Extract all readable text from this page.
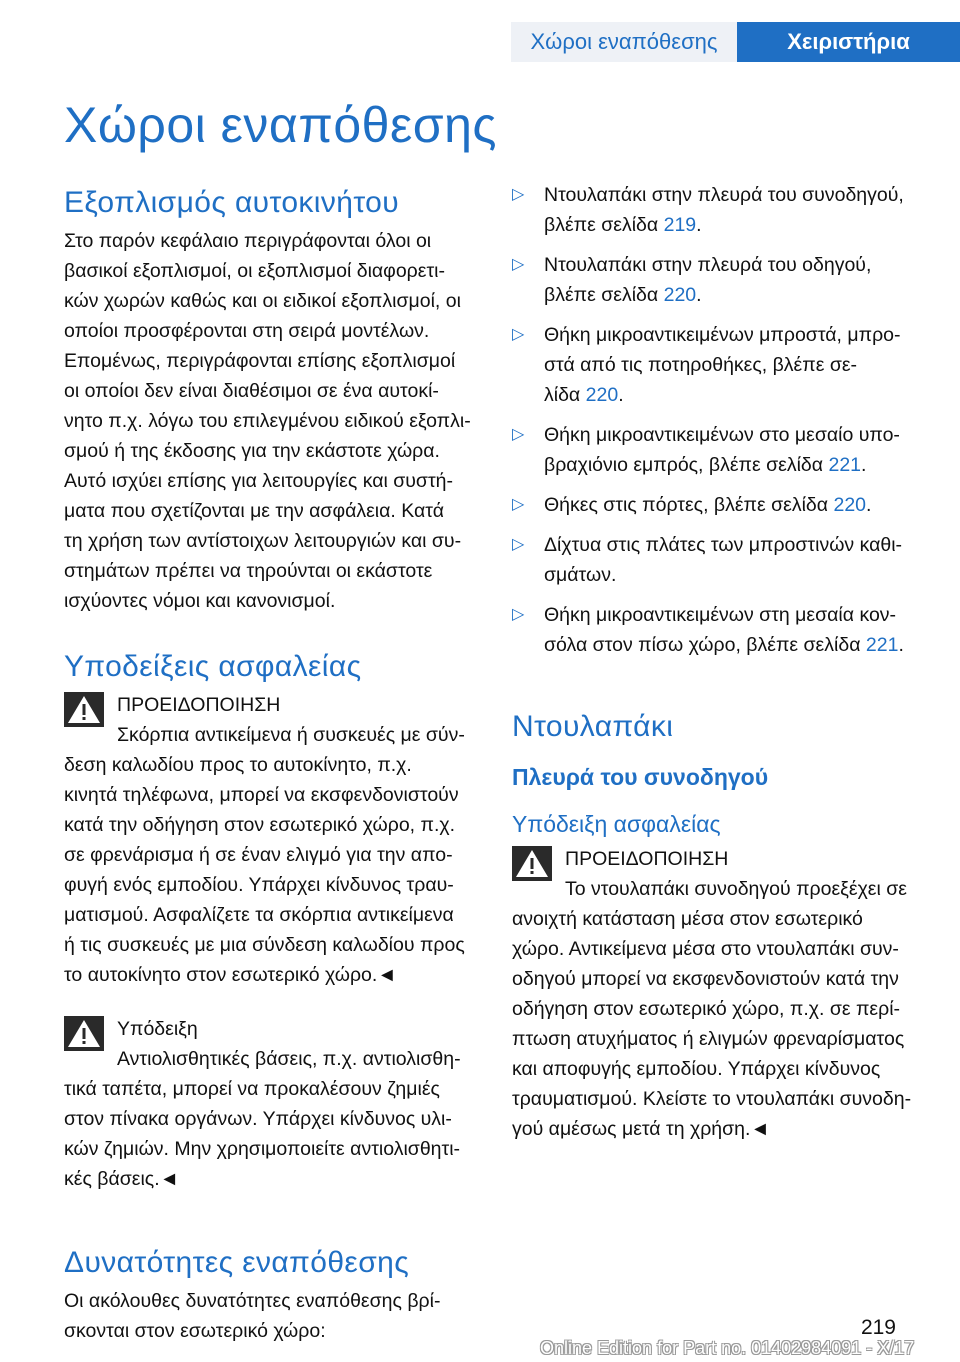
Χώροι εναπόθεσης	Χειριστήρια
Χώροι εναπόθεσης
Εξοπλισμός αυτοκινήτου

Στο παρόν κεφάλαιο περιγράφονται όλοι οι
βασικοί εξοπλισμοί, οι εξοπλισμοί διαφορετι‐
κών χωρών καθώς και οι ειδικοί εξοπλισμοί, οι
οποίοι προσφέρονται στη σειρά μοντέλων.
Επομένως, περιγράφονται επίσης εξοπλισμοί
οι οποίοι δεν είναι διαθέσιμοι σε ένα αυτοκί‐
νητο π.χ. λόγω του επιλεγμένου ειδικού εξοπλι‐
σμού ή της έκδοσης για την εκάστοτε χώρα.
Αυτό ισχύει επίσης για λειτουργίες και συστή‐
ματα που σχετίζονται με την ασφάλεια. Κατά
τη χρήση των αντίστοιχων λειτουργιών και συ‐
στημάτων πρέπει να τηρούνται οι εκάστοτε
ισχύοντες νόμοι και κανονισμοί.

Υποδείξεις ασφαλείας

ΠΡΟΕΙΔΟΠΟΙΗΣΗ

Σκόρπια αντικείμενα ή συσκευές με σύν‐
δεση καλωδίου προς το αυτοκίνητο, π.χ.
κινητά τηλέφωνα, μπορεί να εκσφενδονιστούν
κατά την οδήγηση στον εσωτερικό χώρο, π.χ.
σε φρενάρισμα ή σε έναν ελιγμό για την απο‐
φυγή ενός εμποδίου. Υπάρχει κίνδυνος τραυ‐
ματισμού. Ασφαλίζετε τα σκόρπια αντικείμενα
ή τις συσκευές με μια σύνδεση καλωδίου προς
το αυτοκίνητο στον εσωτερικό χώρο.◄

Υπόδειξη

Αντιολισθητικές βάσεις, π.χ. αντιολισθη‐
τικά ταπέτα, μπορεί να προκαλέσουν ζημιές
στον πίνακα οργάνων. Υπάρχει κίνδυνος υλι‐
κών ζημιών. Μην χρησιμοποιείτε αντιολισθητι‐
κές βάσεις.◄

Δυνατότητες εναπόθεσης

Οι ακόλουθες δυνατότητες εναπόθεσης βρί‐
σκονται στον εσωτερικό χώρο:

▷ Ντουλαπάκι στην πλευρά του συνοδηγού,
βλέπε σελίδα 219.
▷ Ντουλαπάκι στην πλευρά του οδηγού,
βλέπε σελίδα 220.
▷ Θήκη μικροαντικειμένων μπροστά, μπρο‐
στά από τις ποτηροθήκες, βλέπε σε‐
λίδα 220.
▷ Θήκη μικροαντικειμένων στο μεσαίο υπο‐
βραχιόνιο εμπρός, βλέπε σελίδα 221.
▷ Θήκες στις πόρτες, βλέπε σελίδα 220.
▷ Δίχτυα στις πλάτες των μπροστινών καθι‐
σμάτων.
▷ Θήκη μικροαντικειμένων στη μεσαία κον‐
σόλα στον πίσω χώρο, βλέπε σελίδα 221.
Ντουλαπάκι
Πλευρά του συνοδηγού
Υπόδειξη ασφαλείας

ΠΡΟΕΙΔΟΠΟΙΗΣΗ

Το ντουλαπάκι συνοδηγού προεξέχει σε
ανοιχτή κατάσταση μέσα στον εσωτερικό
χώρο. Αντικείμενα μέσα στο ντουλαπάκι συν‐
οδηγού μπορεί να εκσφενδονιστούν κατά την
οδήγηση στον εσωτερικό χώρο, π.χ. σε περί‐
πτωση ατυχήματος ή ελιγμών φρεναρίσματος
και αποφυγής εμποδίου. Υπάρχει κίνδυνος
τραυματισμού. Κλείστε το ντουλαπάκι συνοδη‐
γού αμέσως μετά τη χρήση.◄

219
Online Edition for Part no. 01402984091 - X/17
